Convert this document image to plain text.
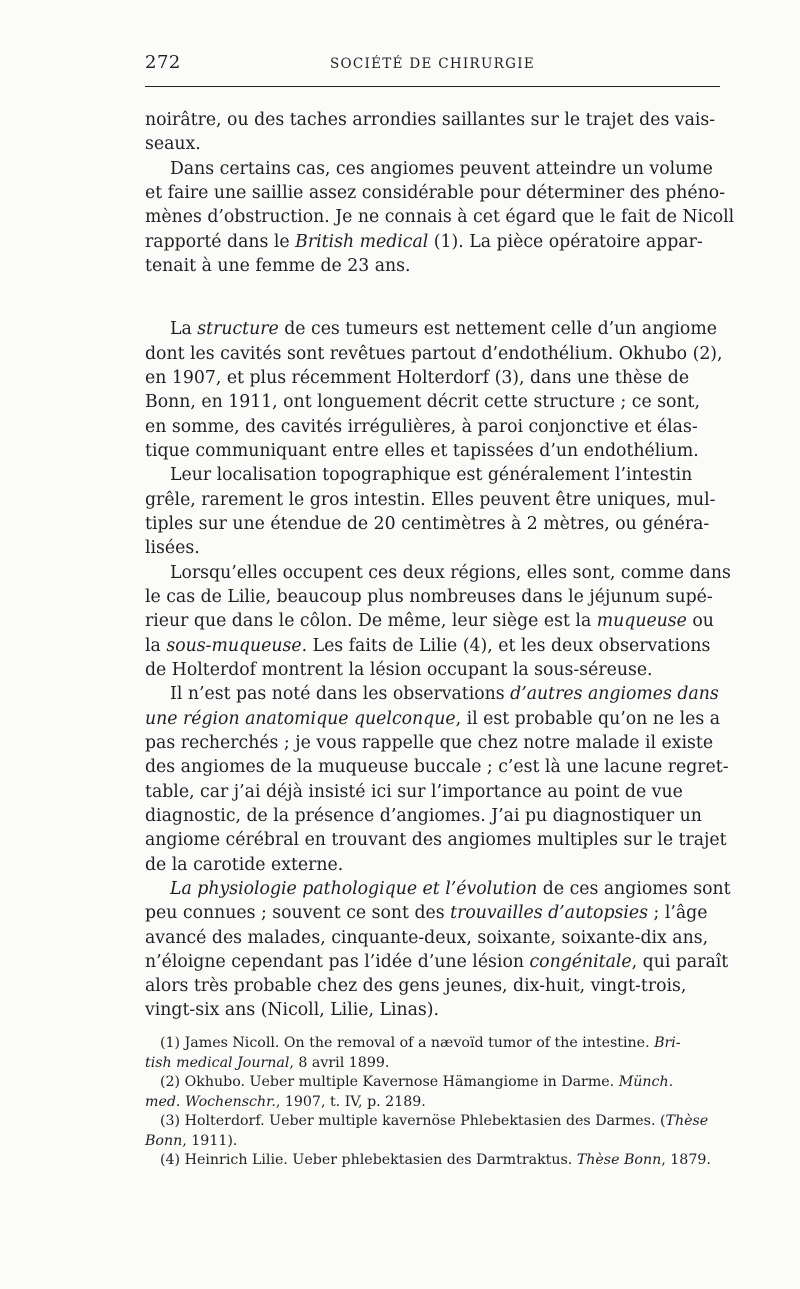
272	SOCIÉTÉ DE CHIRURGIE
noirâtre, ou des taches arrondies saillantes sur le trajet des vais-
seaux.
Dans certains cas, ces angiomes peuvent atteindre un volume
et faire une saillie assez considérable pour déterminer des phéno-
mènes d’obstruction. Je ne connais à cet égard que le fait de Nicoll
rapporté dans le British medical (1). La pièce opératoire appar-
tenait à une femme de 23 ans.
La structure de ces tumeurs est nettement celle d’un angiome
dont les cavités sont revêtues partout d’endothélium. Okhubo (2),
en 1907, et plus récemment Holterdorf (3), dans une thèse de
Bonn, en 1911, ont longuement décrit cette structure ; ce sont,
en somme, des cavités irrégulières, à paroi conjonctive et élas-
tique communiquant entre elles et tapissées d’un endothélium.
Leur localisation topographique est généralement l’intestin
grêle, rarement le gros intestin. Elles peuvent être uniques, mul-
tiples sur une étendue de 20 centimètres à 2 mètres, ou généra-
lisées.
Lorsqu’elles occupent ces deux régions, elles sont, comme dans
le cas de Lilie, beaucoup plus nombreuses dans le jéjunum supé-
rieur que dans le côlon. De même, leur siège est la muqueuse ou
la sous-muqueuse. Les faits de Lilie (4), et les deux observations
de Holterdof montrent la lésion occupant la sous-séreuse.
Il n’est pas noté dans les observations d’autres angiomes dans
une région anatomique quelconque, il est probable qu’on ne les a
pas recherchés ; je vous rappelle que chez notre malade il existe
des angiomes de la muqueuse buccale ; c’est là une lacune regret-
table, car j’ai déjà insisté ici sur l’importance au point de vue
diagnostic, de la présence d’angiomes. J’ai pu diagnostiquer un
angiome cérébral en trouvant des angiomes multiples sur le trajet
de la carotide externe.
La physiologie pathologique et l’évolution de ces angiomes sont
peu connues ; souvent ce sont des trouvailles d’autopsies ; l’âge
avancé des malades, cinquante-deux, soixante, soixante-dix ans,
n’éloigne cependant pas l’idée d’une lésion congénitale, qui paraît
alors très probable chez des gens jeunes, dix-huit, vingt-trois,
vingt-six ans (Nicoll, Lilie, Linas).
(1) James Nicoll. On the removal of a nævoïd tumor of the intestine. Bri-
tish medical Journal, 8 avril 1899.
(2) Okhubo. Ueber multiple Kavernose Hämangiome in Darme. Münch.
med. Wochenschr., 1907, t. IV, p. 2189.
(3) Holterdorf. Ueber multiple kavernöse Phlebektasien des Darmes. (Thèse
Bonn, 1911).
(4) Heinrich Lilie. Ueber phlebektasien des Darmtraktus. Thèse Bonn, 1879.
